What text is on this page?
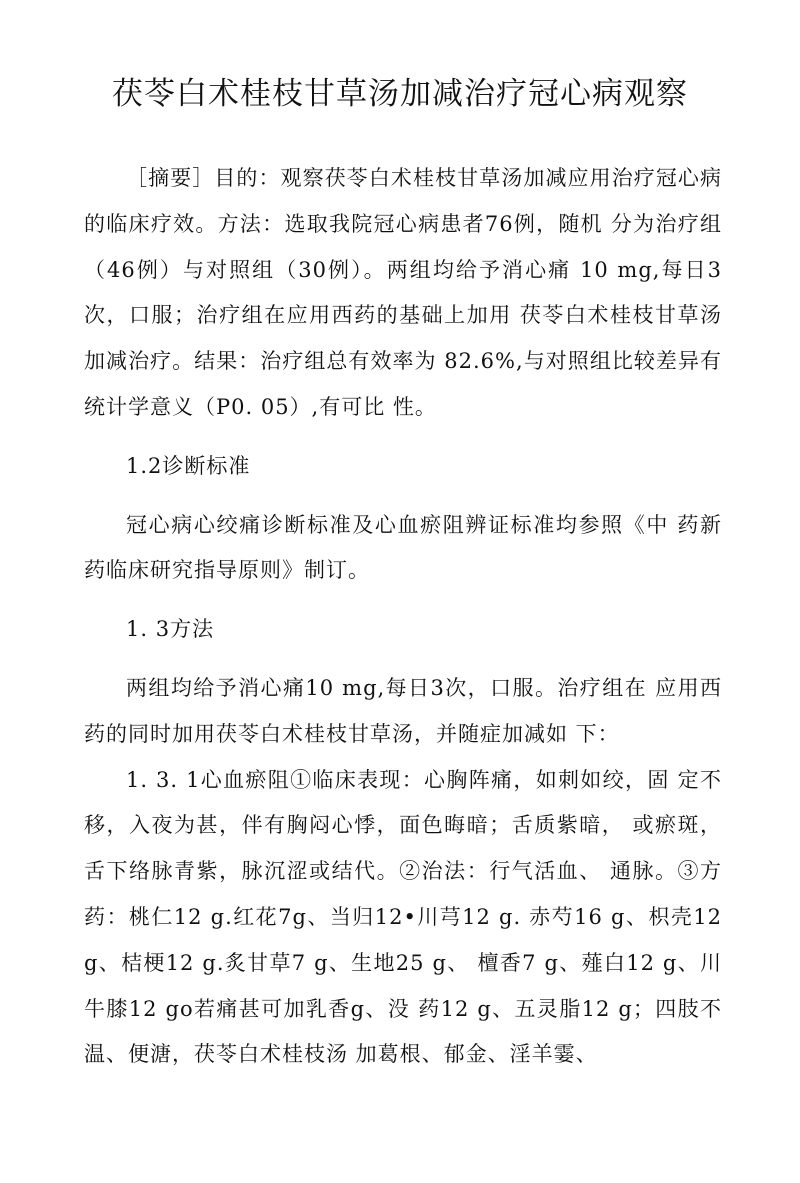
茯苓白术桂枝甘草汤加减治疗冠心病观察

［摘要］目的：观察茯苓白术桂枝甘草汤加减应用治疗冠心病的临床疗效。方法：选取我院冠心病患者76例，随机 分为治疗组（46例）与对照组（30例）。两组均给予消心痛 10 mg,每日3次，口服；治疗组在应用西药的基础上加用 茯苓白术桂枝甘草汤加减治疗。结果：治疗组总有效率为 82.6%,与对照组比较差异有统计学意义（P0. 05）,有可比 性。

1.2诊断标准

冠心病心绞痛诊断标准及心血瘀阻辨证标准均参照《中 药新药临床研究指导原则》制订。

1. 3方法

两组均给予消心痛10 mg,每日3次，口服。治疗组在 应用西药的同时加用茯苓白术桂枝甘草汤，并随症加减如 下：

1. 3. 1心血瘀阻①临床表现：心胸阵痛，如刺如绞，固 定不移，入夜为甚，伴有胸闷心悸，面色晦暗；舌质紫暗， 或瘀斑，舌下络脉青紫，脉沉涩或结代。②治法：行气活血、 通脉。③方药：桃仁12 g.红花7g、当归12•川芎12 g. 赤芍16 g、枳壳12 g、桔梗12 g.炙甘草7 g、生地25 g、 檀香7 g、薤白12 g、川牛膝12 go若痛甚可加乳香g、没 药12 g、五灵脂12 g；四肢不温、便溏，茯苓白术桂枝汤 加葛根、郁金、淫羊霎、
